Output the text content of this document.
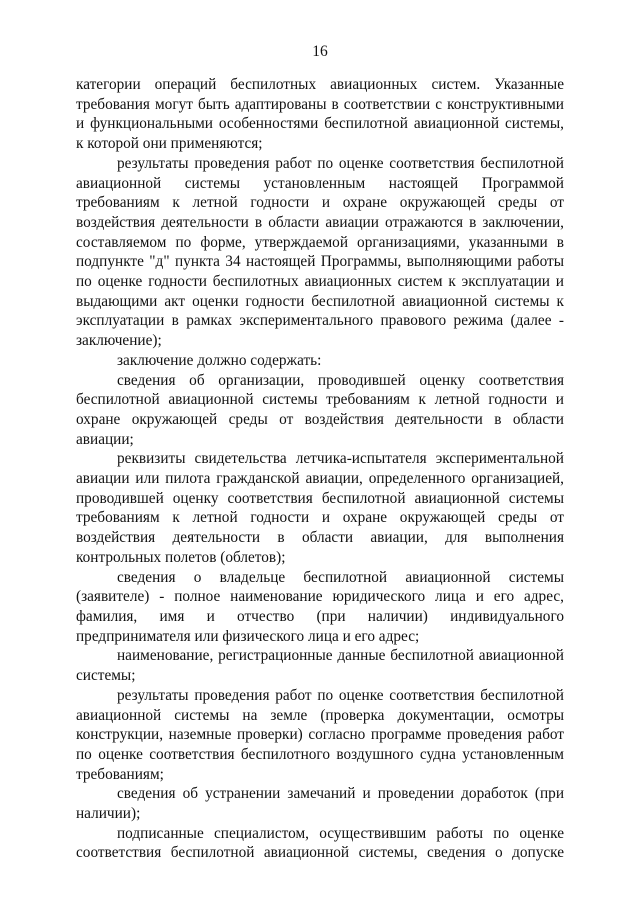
16

категории операций беспилотных авиационных систем. Указанные требования могут быть адаптированы в соответствии с конструктивными и функциональными особенностями беспилотной авиационной системы, к которой они применяются;

результаты проведения работ по оценке соответствия беспилотной авиационной системы установленным настоящей Программой требованиям к летной годности и охране окружающей среды от воздействия деятельности в области авиации отражаются в заключении, составляемом по форме, утверждаемой организациями, указанными в подпункте "д" пункта 34 настоящей Программы, выполняющими работы по оценке годности беспилотных авиационных систем к эксплуатации и выдающими акт оценки годности беспилотной авиационной системы к эксплуатации в рамках экспериментального правового режима (далее - заключение);

заключение должно содержать:

сведения об организации, проводившей оценку соответствия беспилотной авиационной системы требованиям к летной годности и охране окружающей среды от воздействия деятельности в области авиации;

реквизиты свидетельства летчика-испытателя экспериментальной авиации или пилота гражданской авиации, определенного организацией, проводившей оценку соответствия беспилотной авиационной системы требованиям к летной годности и охране окружающей среды от воздействия деятельности в области авиации, для выполнения контрольных полетов (облетов);

сведения о владельце беспилотной авиационной системы (заявителе) - полное наименование юридического лица и его адрес, фамилия, имя и отчество (при наличии) индивидуального предпринимателя или физического лица и его адрес;

наименование, регистрационные данные беспилотной авиационной системы;

результаты проведения работ по оценке соответствия беспилотной авиационной системы на земле (проверка документации, осмотры конструкции, наземные проверки) согласно программе проведения работ по оценке соответствия беспилотного воздушного судна установленным требованиям;

сведения об устранении замечаний и проведении доработок (при наличии);

подписанные специалистом, осуществившим работы по оценке соответствия беспилотной авиационной системы, сведения о допуске
